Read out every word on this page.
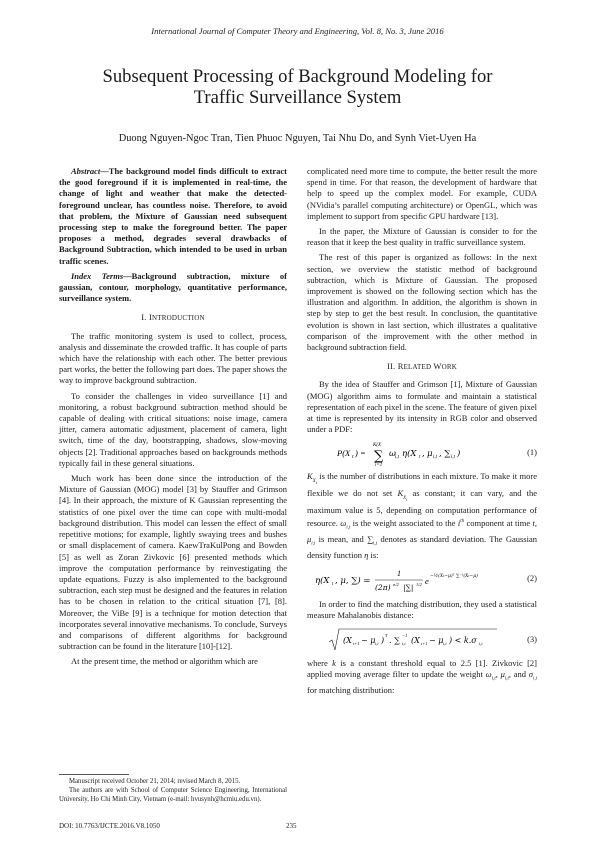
International Journal of Computer Theory and Engineering, Vol. 8, No. 3, June 2016
Subsequent Processing of Background Modeling for
Traffic Surveillance System
Duong Nguyen-Ngoc Tran, Tien Phuoc Nguyen, Tai Nhu Do, and Synh Viet-Uyen Ha

Abstract—The background model finds difficult to extract the good foreground if it is implemented in real-time, the change of light and weather that make the detected-foreground unclear, has countless noise. Therefore, to avoid that problem, the Mixture of Gaussian need subsequent processing step to make the foreground better. The paper proposes a method, degrades several drawbacks of Background Subtraction, which intended to be used in urban traffic scenes.

Index Terms—Background subtraction, mixture of gaussian, contour, morphology, quantitative performance, surveillance system.

I. INTRODUCTION

The traffic monitoring system is used to collect, process, analysis and disseminate the crowded traffic. It has couple of parts which have the relationship with each other. The better previous part works, the better the following part does. The paper shows the way to improve background subtraction.

To consider the challenges in video surveillance [1] and monitoring, a robust background subtraction method should be capable of dealing with critical situations: noise image, camera jitter, camera automatic adjustment, placement of camera, light switch, time of the day, bootstrapping, shadows, slow-moving objects [2]. Traditional approaches based on backgrounds methods typically fail in these general situations.

Much work has been done since the introduction of the Mixture of Gaussian (MOG) model [3] by Stauffer and Grimson [4]. In their approach, the mixture of K Gaussian representing the statistics of one pixel over the time can cope with multi-modal background distribution. This model can lessen the effect of small repetitive motions; for example, lightly swaying trees and bushes or small displacement of camera. KaewTraKulPong and Bowden [5] as well as Zoran Zivkovic [6] presented methods which improve the computation performance by reinvestigating the update equations. Fuzzy is also implemented to the background subtraction, each step must be designed and the features in relation has to be chosen in relation to the critical situation [7], [8]. Moreover, the ViBe [9] is a technique for motion detection that incorporates several innovative mechanisms. To conclude, Surveys and comparisons of different algorithms for background subtraction can be found in the literature [10]-[12].

At the present time, the method or algorithm which are

complicated need more time to compute, the better result the more spend in time. For that reason, the development of hardware that help to speed up the complex model. For example, CUDA (NVidia’s parallel computing architecture) or OpenGL, which was implement to support from specific GPU hardware [13].

In the paper, the Mixture of Gaussian is consider to for the reason that it keep the best quality in traffic surveillance system.

The rest of this paper is organized as follows: In the next section, we overview the statistic method of background subtraction, which is Mixture of Gaussian. The proposed improvement is showed on the following section which has the illustration and algorithm. In addition, the algorithm is shown in step by step to get the best result. In conclusion, the quantitative evolution is shown in last section, which illustrates a qualitative comparison of the improvement with the other method in background subtraction field.

II. RELATED WORK

By the idea of Stauffer and Grimson [1], Mixture of Gaussian (MOG) algorithm aims to formulate and maintain a statistical representation of each pixel in the scene. The feature of given pixel at time is represented by its intensity in RGB color and observed under a PDF:

P(X t ) = ∑
K(X
i=1
ω i,t η(X t , μ i,t , ∑ i,t )	(1)

$K_{X_t}$ is the number of distributions in each mixture. To make it more flexible we do not set $K_{X_t}$ as constant; it can vary, and the maximum value is 5, depending on computation performance of resource. $\omega_{i,t}$ is the weight associated to the $i^{th}$ component at time t, $\mu_{i,t}$ is mean, and $\sum_{i,t}$ denotes as standard deviation. The Gaussian density function η is:

η(X t , μ, ∑) =
1
(2π) n/2 |∑| 1/2 e −½(Xₜ−μ)ᵀ ∑⁻¹(Xₜ−μ)	(2)

In order to find the matching distribution, they used a statistical measure Mahalanobis distance:

(X t+1 − μ i,t )
T
. ∑ i,t
−1
(X t+1 − μ i,t ) < k.σ i,t	(3)

where k is a constant threshold equal to 2.5 [1]. Zivkovic [2] applied moving average filter to update the weight $\omega_{i,t}$, $\mu_{i,t}$, and $\sigma_{i,t}$ for matching distribution:

Manuscript received October 21, 2014; revised March 8, 2015.

The authors are with School of Computer Science Engineering, International University, Ho Chi Minh City, Vietnam (e-mail: hvusynh@hcmiu.edu.vn).

DOI: 10.7763/IJCTE.2016.V8.1050	235
